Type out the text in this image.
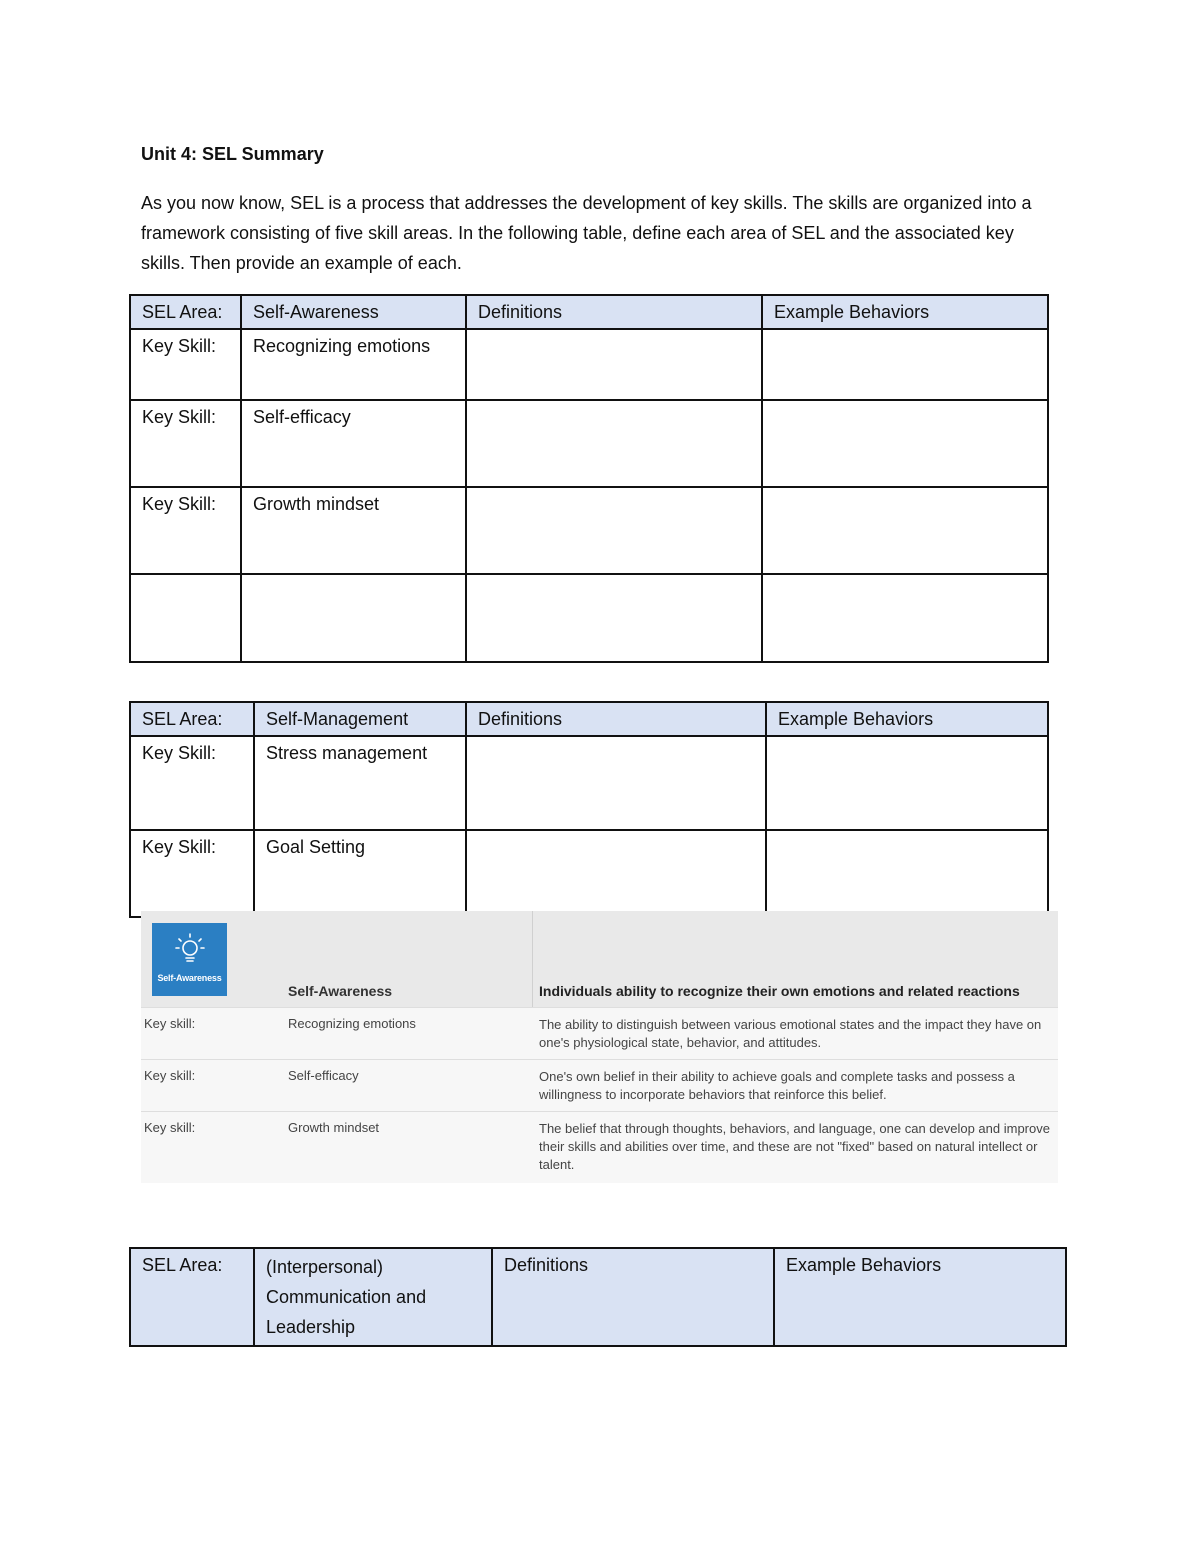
Unit 4: SEL Summary
As you now know, SEL is a process that addresses the development of key skills. The skills are organized into a framework consisting of five skill areas. In the following table, define each area of SEL and the associated key skills. Then provide an example of each.
SEL Area:	Self-Awareness	Definitions	Example Behaviors
Key Skill:	Recognizing emotions		
Key Skill:	Self-efficacy		
Key Skill:	Growth mindset		

SEL Area:	Self-Management	Definitions	Example Behaviors
Key Skill:	Stress management		
Key Skill:	Goal Setting		
Self-Awareness
Self-Awareness	Individuals ability to recognize their own emotions and related reactions
Key skill:	Recognizing emotions	The ability to distinguish between various emotional states and the impact they have on one's physiological state, behavior, and attitudes.
Key skill:	Self-efficacy	One's own belief in their ability to achieve goals and complete tasks and possess a willingness to incorporate behaviors that reinforce this belief.
Key skill:	Growth mindset	The belief that through thoughts, behaviors, and language, one can develop and improve their skills and abilities over time, and these are not "fixed" based on natural intellect or talent.
SEL Area:	(Interpersonal) Communication and Leadership	Definitions	Example Behaviors
